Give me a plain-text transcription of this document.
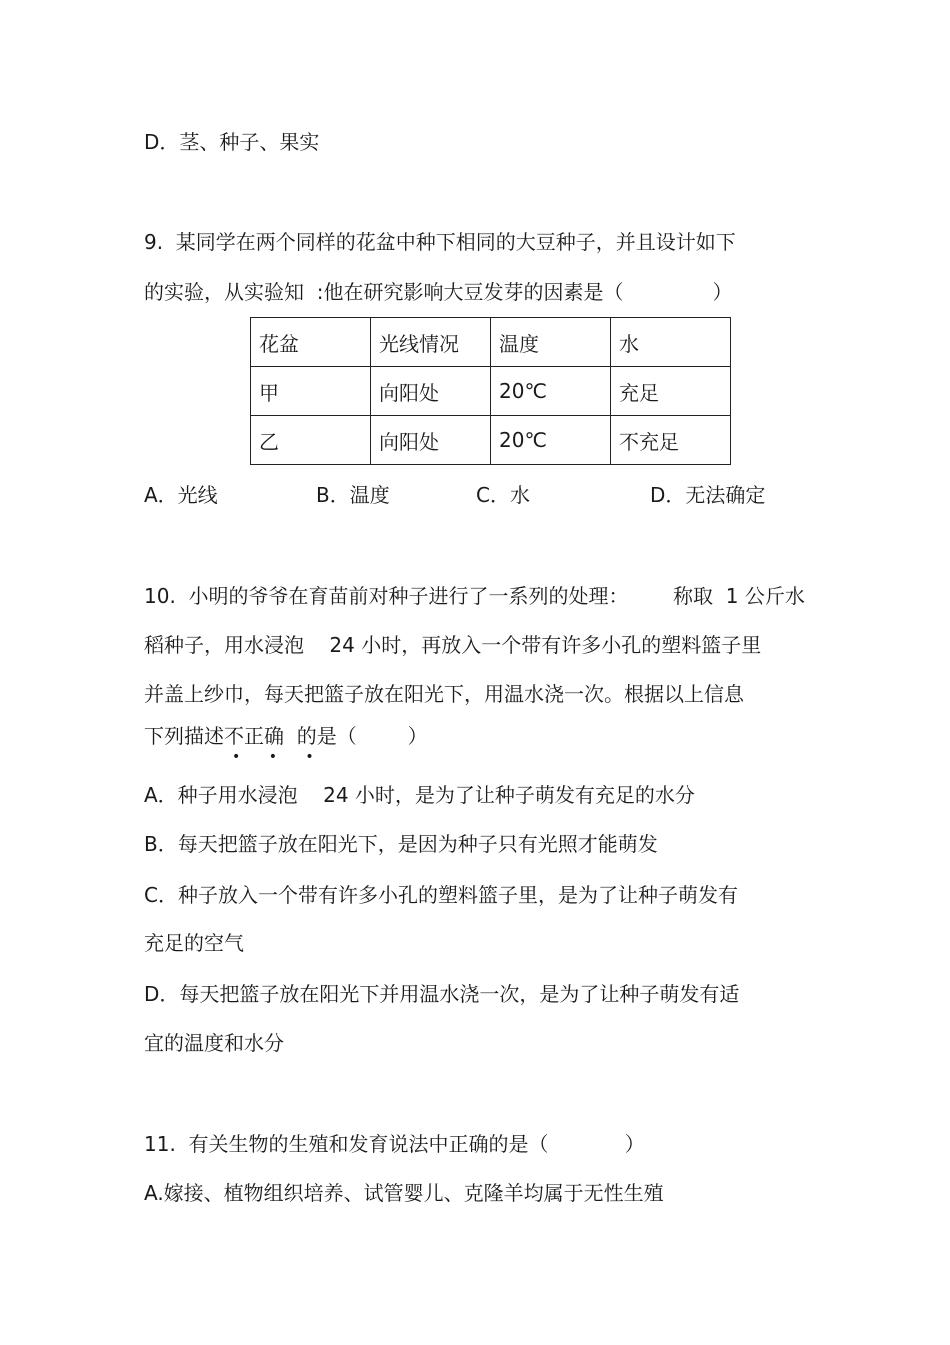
D．茎、种子、果实
9.  某同学在两个同样的花盆中种下相同的大豆种子，并且设计如下
的实验，从实验知  :他在研究影响大豆发芽的因素是（              ）
花盆	光线情况	温度	水
甲	向阳处	20℃	充足
乙	向阳处	20℃	不充足
A．光线	B．温度	C．水	D．无法确定
10.  小明的爷爷在育苗前对种子进行了一系列的处理：       称取  1 公斤水
稻种子，用水浸泡    24 小时，再放入一个带有许多小孔的塑料篮子里
并盖上纱巾，每天把篮子放在阳光下，用温水浇一次。根据以上信息
下列描述不正确  的是（        ）
• • •
A．种子用水浸泡    24 小时，是为了让种子萌发有充足的水分
B．每天把篮子放在阳光下，是因为种子只有光照才能萌发
C．种子放入一个带有许多小孔的塑料篮子里，是为了让种子萌发有
充足的空气
D．每天把篮子放在阳光下并用温水浇一次，是为了让种子萌发有适
宜的温度和水分
11.  有关生物的生殖和发育说法中正确的是（            ）
A.嫁接、植物组织培养、试管婴儿、克隆羊均属于无性生殖
